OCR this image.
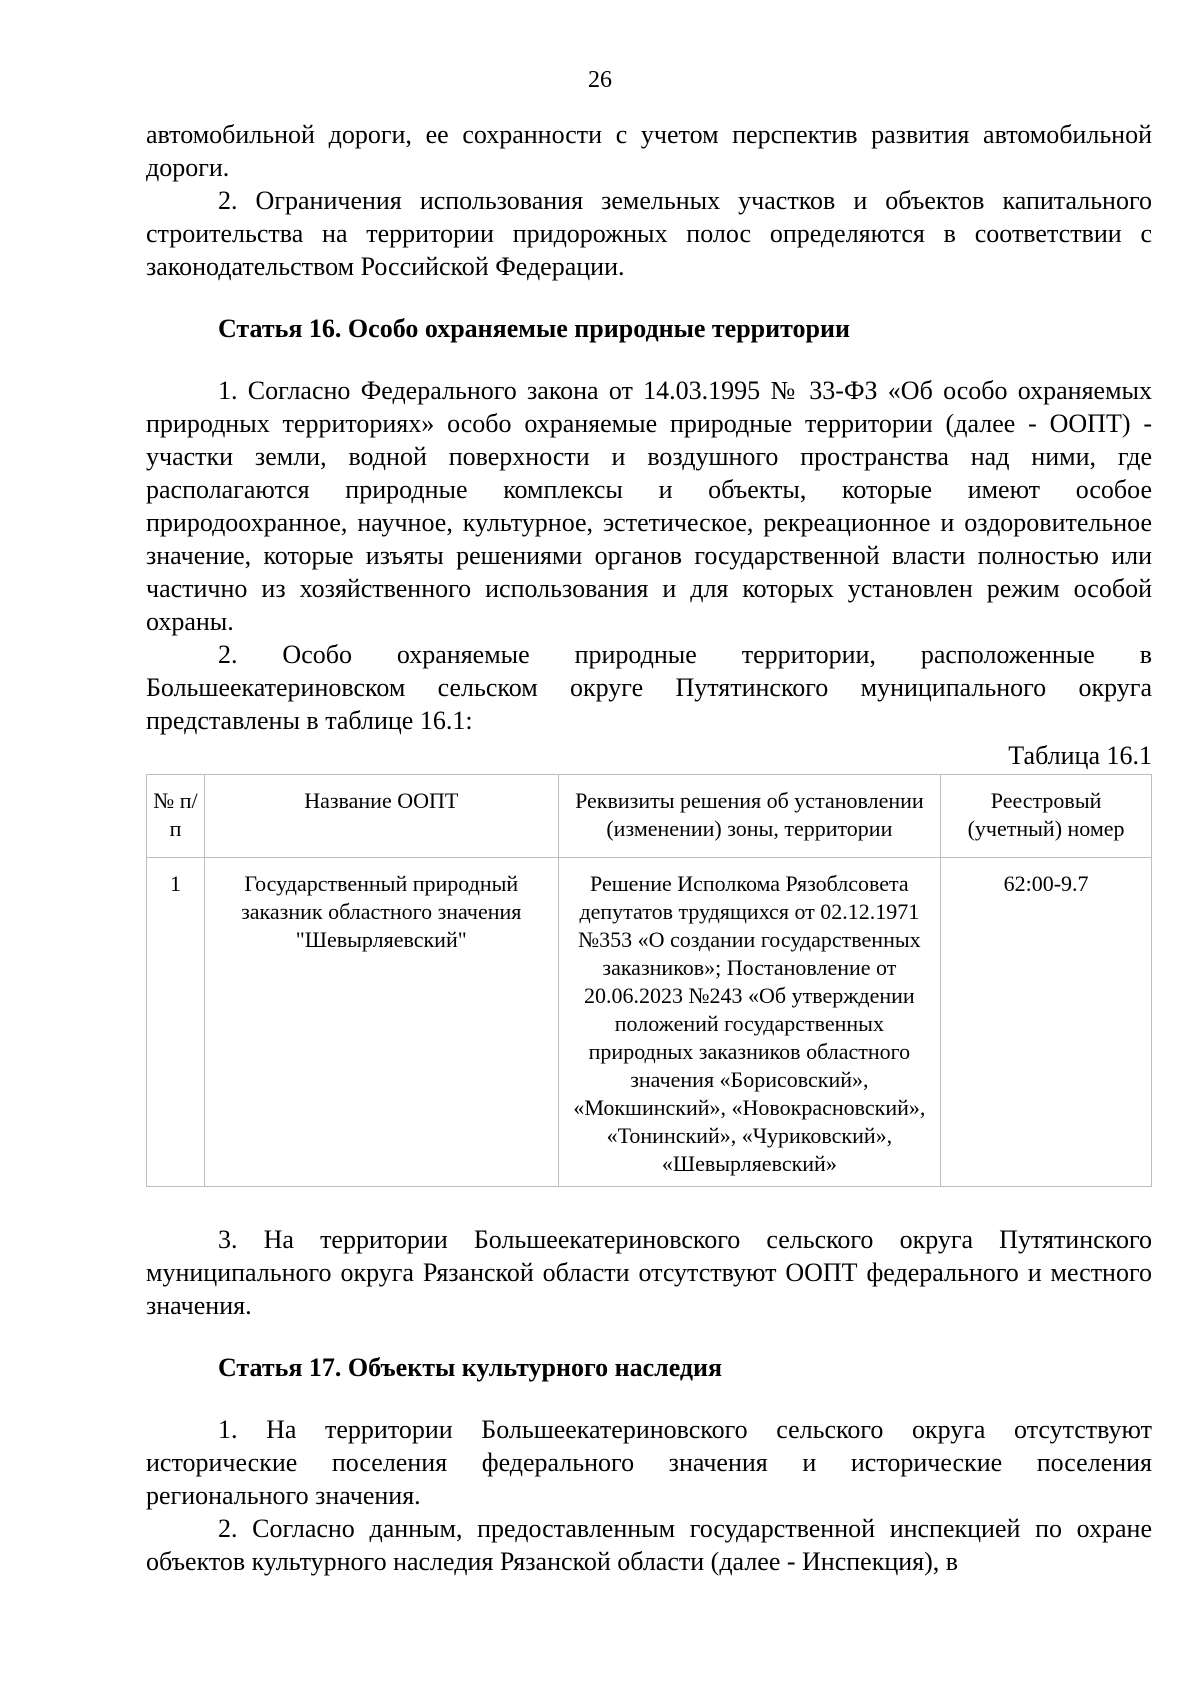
26

автомобильной дороги, ее сохранности с учетом перспектив развития автомобильной дороги.

2. Ограничения использования земельных участков и объектов капитального строительства на территории придорожных полос определяются в соответствии с законодательством Российской Федерации.

Статья 16. Особо охраняемые природные территории

1. Согласно Федерального закона от 14.03.1995 № 33-ФЗ «Об особо охраняемых природных территориях» особо охраняемые природные территории (далее - ООПТ) - участки земли, водной поверхности и воздушного пространства над ними, где располагаются природные комплексы и объекты, которые имеют особое природоохранное, научное, культурное, эстетическое, рекреационное и оздоровительное значение, которые изъяты решениями органов государственной власти полностью или частично из хозяйственного использования и для которых установлен режим особой охраны.

2. Особо охраняемые природные территории, расположенные в Большеекатериновском сельском округе Путятинского муниципального округа представлены в таблице 16.1:

Таблица 16.1

№ п/п	Название ООПТ	Реквизиты решения об установлении (изменении) зоны, территории	Реестровый (учетный) номер
1	Государственный природный заказник областного значения "Шевырляевский"	Решение Исполкома Рязоблсовета депутатов трудящихся от 02.12.1971 №353 «О создании государственных заказников»; Постановление от 20.06.2023 №243 «Об утверждении положений государственных природных заказников областного значения «Борисовский», «Мокшинский», «Новокрасновский», «Тонинский», «Чуриковский», «Шевырляевский»	62:00-9.7

3. На территории Большеекатериновского сельского округа Путятинского муниципального округа Рязанской области отсутствуют ООПТ федерального и местного значения.

Статья 17. Объекты культурного наследия

1. На территории Большеекатериновского сельского округа отсутствуют исторические поселения федерального значения и исторические поселения регионального значения.

2. Согласно данным, предоставленным государственной инспекцией по охране объектов культурного наследия Рязанской области (далее - Инспекция), в
